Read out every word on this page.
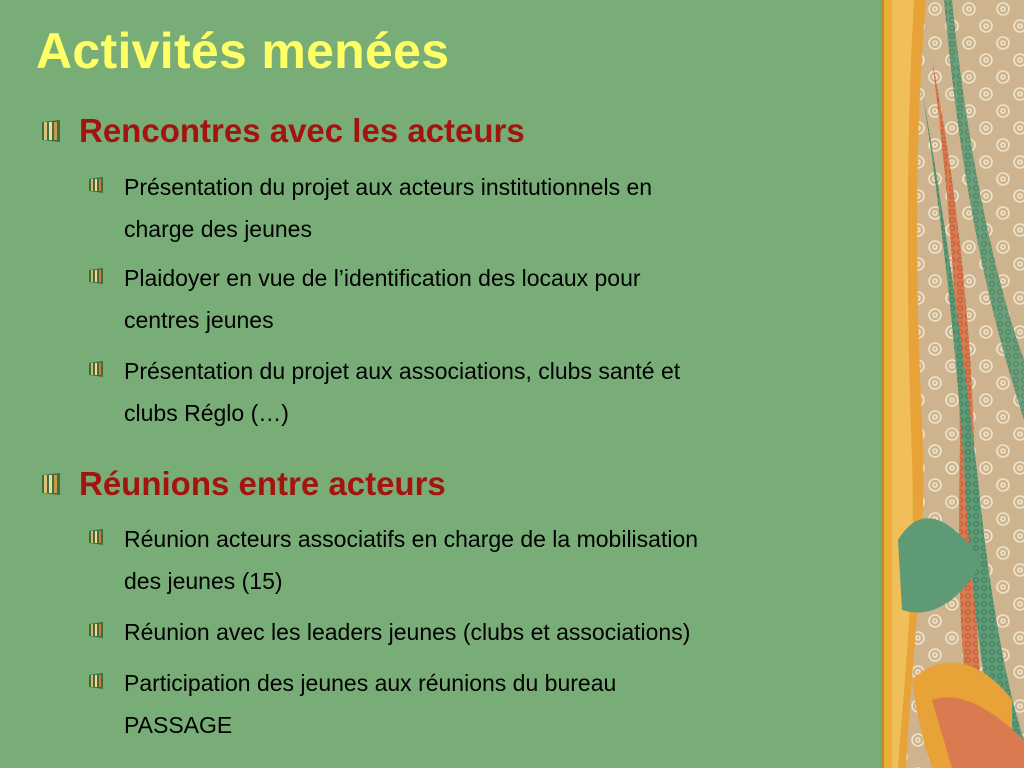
Activités menées
Rencontres avec les acteurs
Présentation du projet aux acteurs institutionnels en
charge des jeunes
Plaidoyer en vue de l’identification des locaux pour
centres jeunes
Présentation du projet aux associations, clubs santé et
clubs Réglo (…)
Réunions entre acteurs
Réunion acteurs associatifs en charge de la mobilisation
des jeunes (15)
Réunion avec les leaders jeunes (clubs et associations)
Participation des jeunes aux réunions du bureau
PASSAGE
